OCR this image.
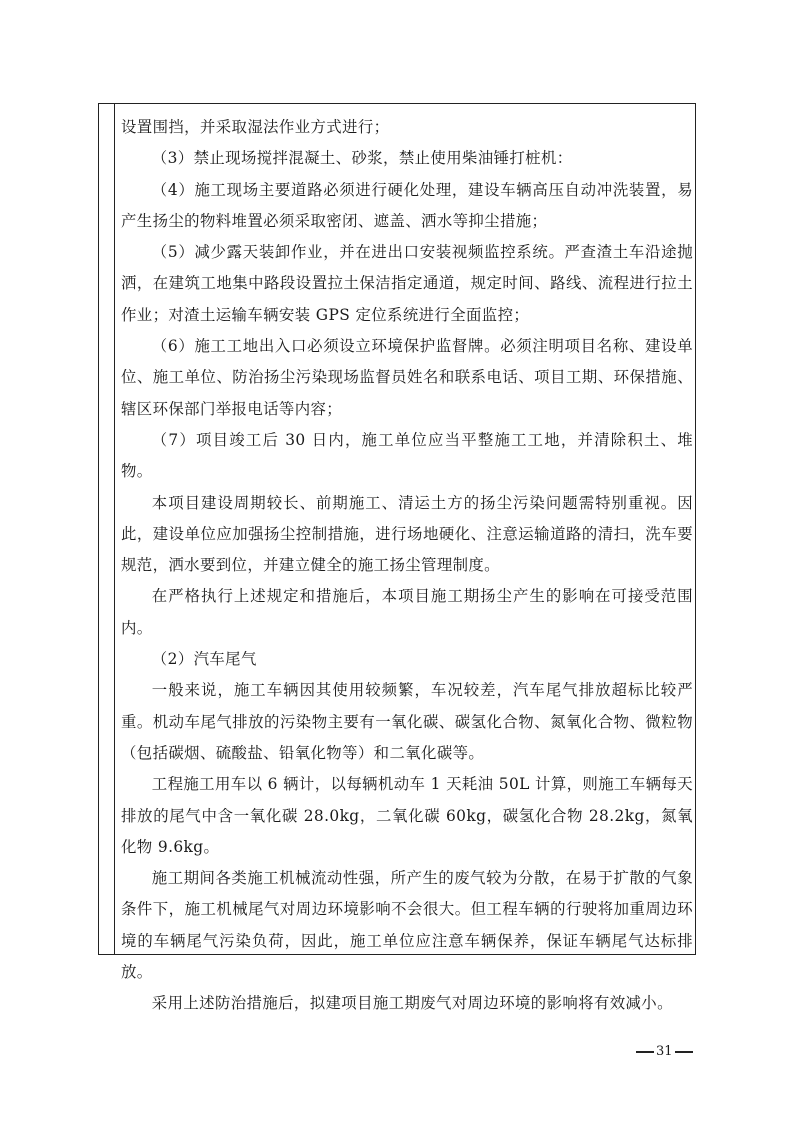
设置围挡，并采取湿法作业方式进行；

（3）禁止现场搅拌混凝土、砂浆，禁止使用柴油锤打桩机：

（4）施工现场主要道路必须进行硬化处理，建设车辆高压自动冲洗装置，易产生扬尘的物料堆置必须采取密闭、遮盖、洒水等抑尘措施；

（5）减少露天装卸作业，并在进出口安装视频监控系统。严查渣土车沿途抛洒，在建筑工地集中路段设置拉土保洁指定通道，规定时间、路线、流程进行拉土作业；对渣土运输车辆安装 GPS 定位系统进行全面监控；

（6）施工工地出入口必须设立环境保护监督牌。必须注明项目名称、建设单位、施工单位、防治扬尘污染现场监督员姓名和联系电话、项目工期、环保措施、辖区环保部门举报电话等内容；

（7）项目竣工后 30 日内，施工单位应当平整施工工地，并清除积土、堆物。

本项目建设周期较长、前期施工、清运土方的扬尘污染问题需特别重视。因此，建设单位应加强扬尘控制措施，进行场地硬化、注意运输道路的清扫，洗车要规范，洒水要到位，并建立健全的施工扬尘管理制度。

在严格执行上述规定和措施后，本项目施工期扬尘产生的影响在可接受范围内。

（2）汽车尾气

一般来说，施工车辆因其使用较频繁，车况较差，汽车尾气排放超标比较严重。机动车尾气排放的污染物主要有一氧化碳、碳氢化合物、氮氧化合物、微粒物（包括碳烟、硫酸盐、铅氧化物等）和二氧化碳等。

工程施工用车以 6 辆计，以每辆机动车 1 天耗油 50L 计算，则施工车辆每天排放的尾气中含一氧化碳 28.0kg，二氧化碳 60kg，碳氢化合物 28.2kg，氮氧化物 9.6kg。

施工期间各类施工机械流动性强，所产生的废气较为分散，在易于扩散的气象条件下，施工机械尾气对周边环境影响不会很大。但工程车辆的行驶将加重周边环境的车辆尾气污染负荷，因此，施工单位应注意车辆保养，保证车辆尾气达标排放。

采用上述防治措施后，拟建项目施工期废气对周边环境的影响将有效减小。

31
